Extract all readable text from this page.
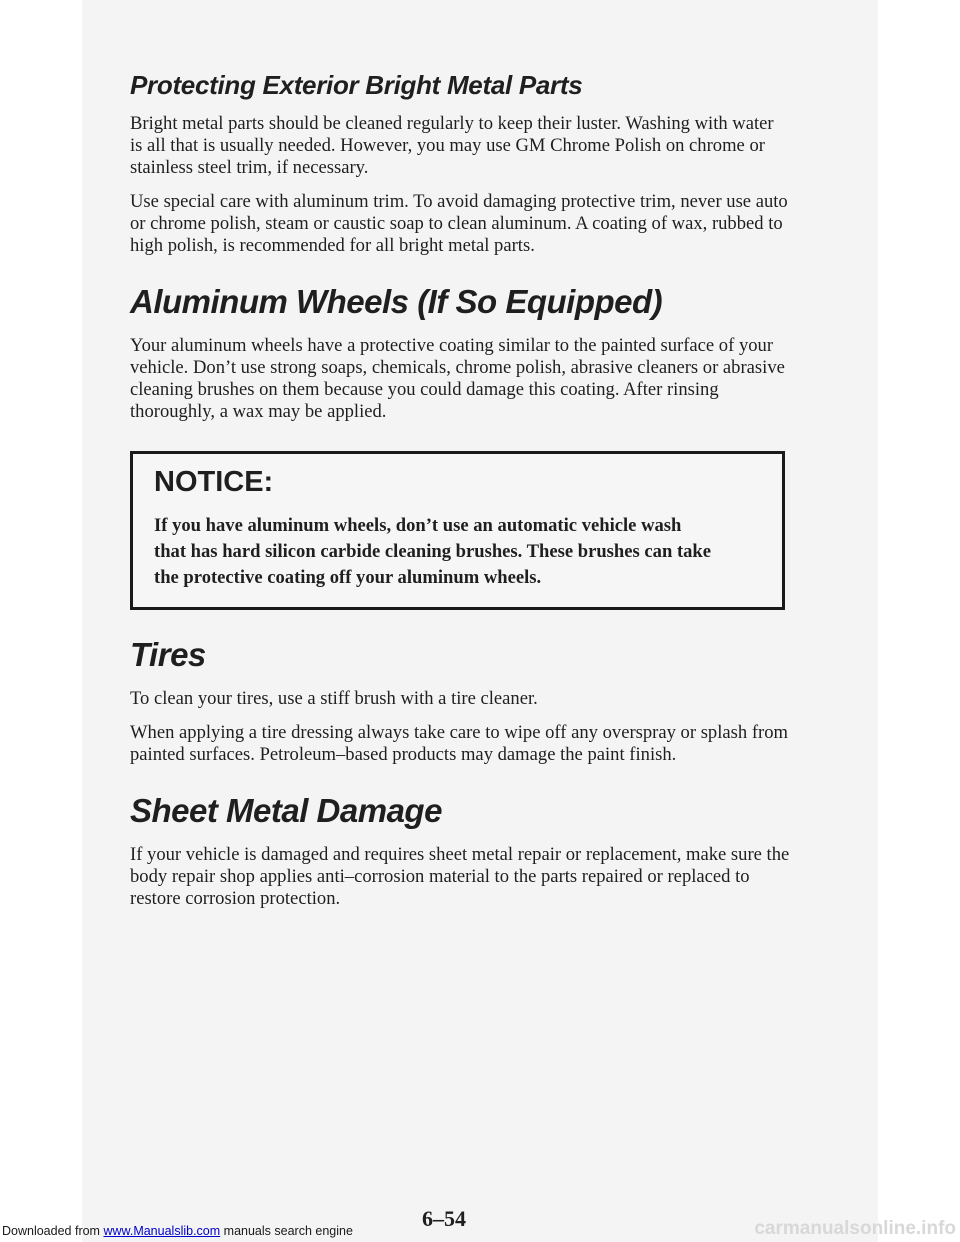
Protecting Exterior Bright Metal Parts

Bright metal parts should be cleaned regularly to keep their luster. Washing with water is all that is usually needed. However, you may use GM Chrome Polish on chrome or stainless steel trim, if necessary.

Use special care with aluminum trim. To avoid damaging protective trim, never use auto or chrome polish, steam or caustic soap to clean aluminum. A coating of wax, rubbed to high polish, is recommended for all bright metal parts.

Aluminum Wheels (If So Equipped)

Your aluminum wheels have a protective coating similar to the painted surface of your vehicle. Don’t use strong soaps, chemicals, chrome polish, abrasive cleaners or abrasive cleaning brushes on them because you could damage this coating. After rinsing thoroughly, a wax may be applied.

NOTICE:

If you have aluminum wheels, don’t use an automatic vehicle wash that has hard silicon carbide cleaning brushes. These brushes can take the protective coating off your aluminum wheels.

Tires

To clean your tires, use a stiff brush with a tire cleaner.

When applying a tire dressing always take care to wipe off any overspray or splash from painted surfaces. Petroleum–based products may damage the paint finish.

Sheet Metal Damage

If your vehicle is damaged and requires sheet metal repair or replacement, make sure the body repair shop applies anti–corrosion material to the parts repaired or replaced to restore corrosion protection.

6–54
Downloaded from www.Manualslib.com manuals search engine	carmanualsonline.info
